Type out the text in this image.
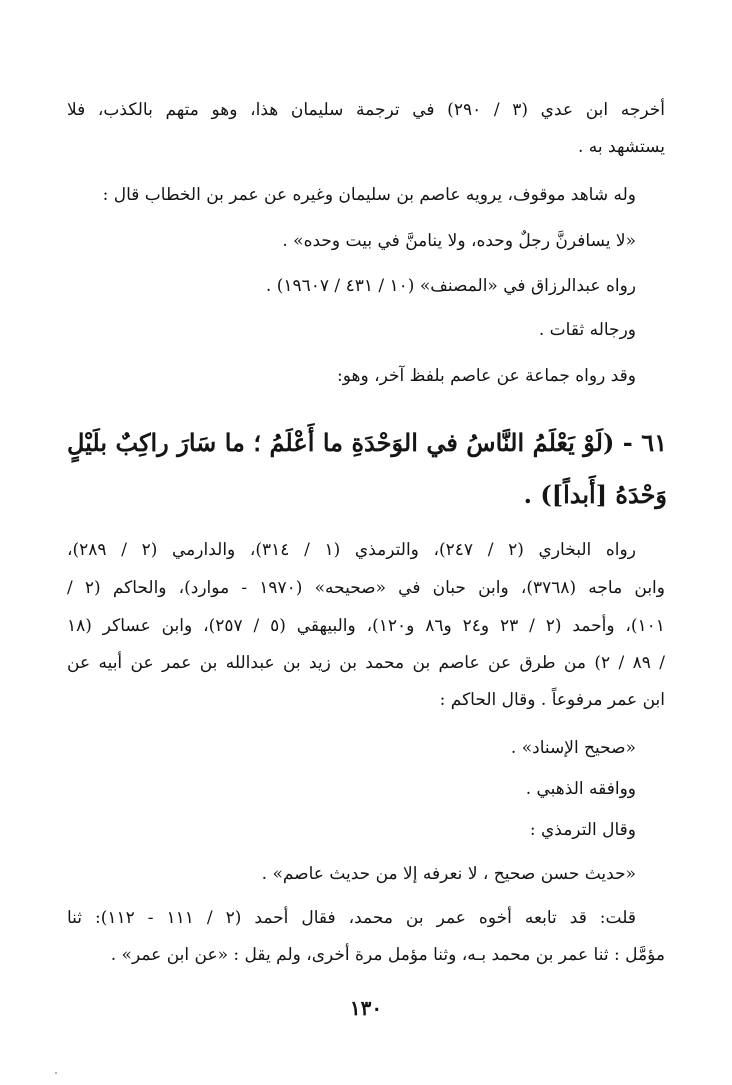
أخرجه ابن عدي (٣ / ٢٩٠) في ترجمة سليمان هذا، وهو متهم بالكذب، فلا
يستشهد به .
وله شاهد موقوف، يرويه عاصم بن سليمان وغيره عن عمر بن الخطاب قال :
«لا يسافرنَّ رجلٌ وحده، ولا ينامنَّ في بيت وحده» .
رواه عبدالرزاق في «المصنف» (١٠ / ٤٣١ / ١٩٦٠٧) .
ورجاله ثقات .
وقد رواه جماعة عن عاصم بلفظ آخر، وهو:
٦١ - (لَوْ يَعْلَمُ النَّاسُ في الوَحْدَةِ ما أَعْلَمُ ؛ ما سَارَ راكِبٌ بلَيْلٍ
وَحْدَهُ [أَبداً]) .
رواه البخاري (٢ / ٢٤٧)، والترمذي (١ / ٣١٤)، والدارمي (٢ / ٢٨٩)،
وابن ماجه (٣٧٦٨)، وابن حبان في «صحيحه» (١٩٧٠ - موارد)، والحاكم (٢ /
١٠١)، وأحمد (٢ / ٢٣ و٢٤ و٨٦ و١٢٠)، والبيهقي (٥ / ٢٥٧)، وابن عساكر (١٨
/ ٨٩ / ٢) من طرق عن عاصم بن محمد بن زيد بن عبدالله بن عمر عن أبيه عن
ابن عمر مرفوعاً . وقال الحاكم :
«صحيح الإسناد» .
ووافقه الذهبي .
وقال الترمذي :
«حديث حسن صحيح ، لا نعرفه إلا من حديث عاصم» .
قلت: قد تابعه أخوه عمر بن محمد، فقال أحمد (٢ / ١١١ - ١١٢): ثنا
مؤمَّل : ثنا عمر بن محمد بـه، وثنا مؤمل مرة أخرى، ولم يقل : «عن ابن عمر» .
١٣٠
